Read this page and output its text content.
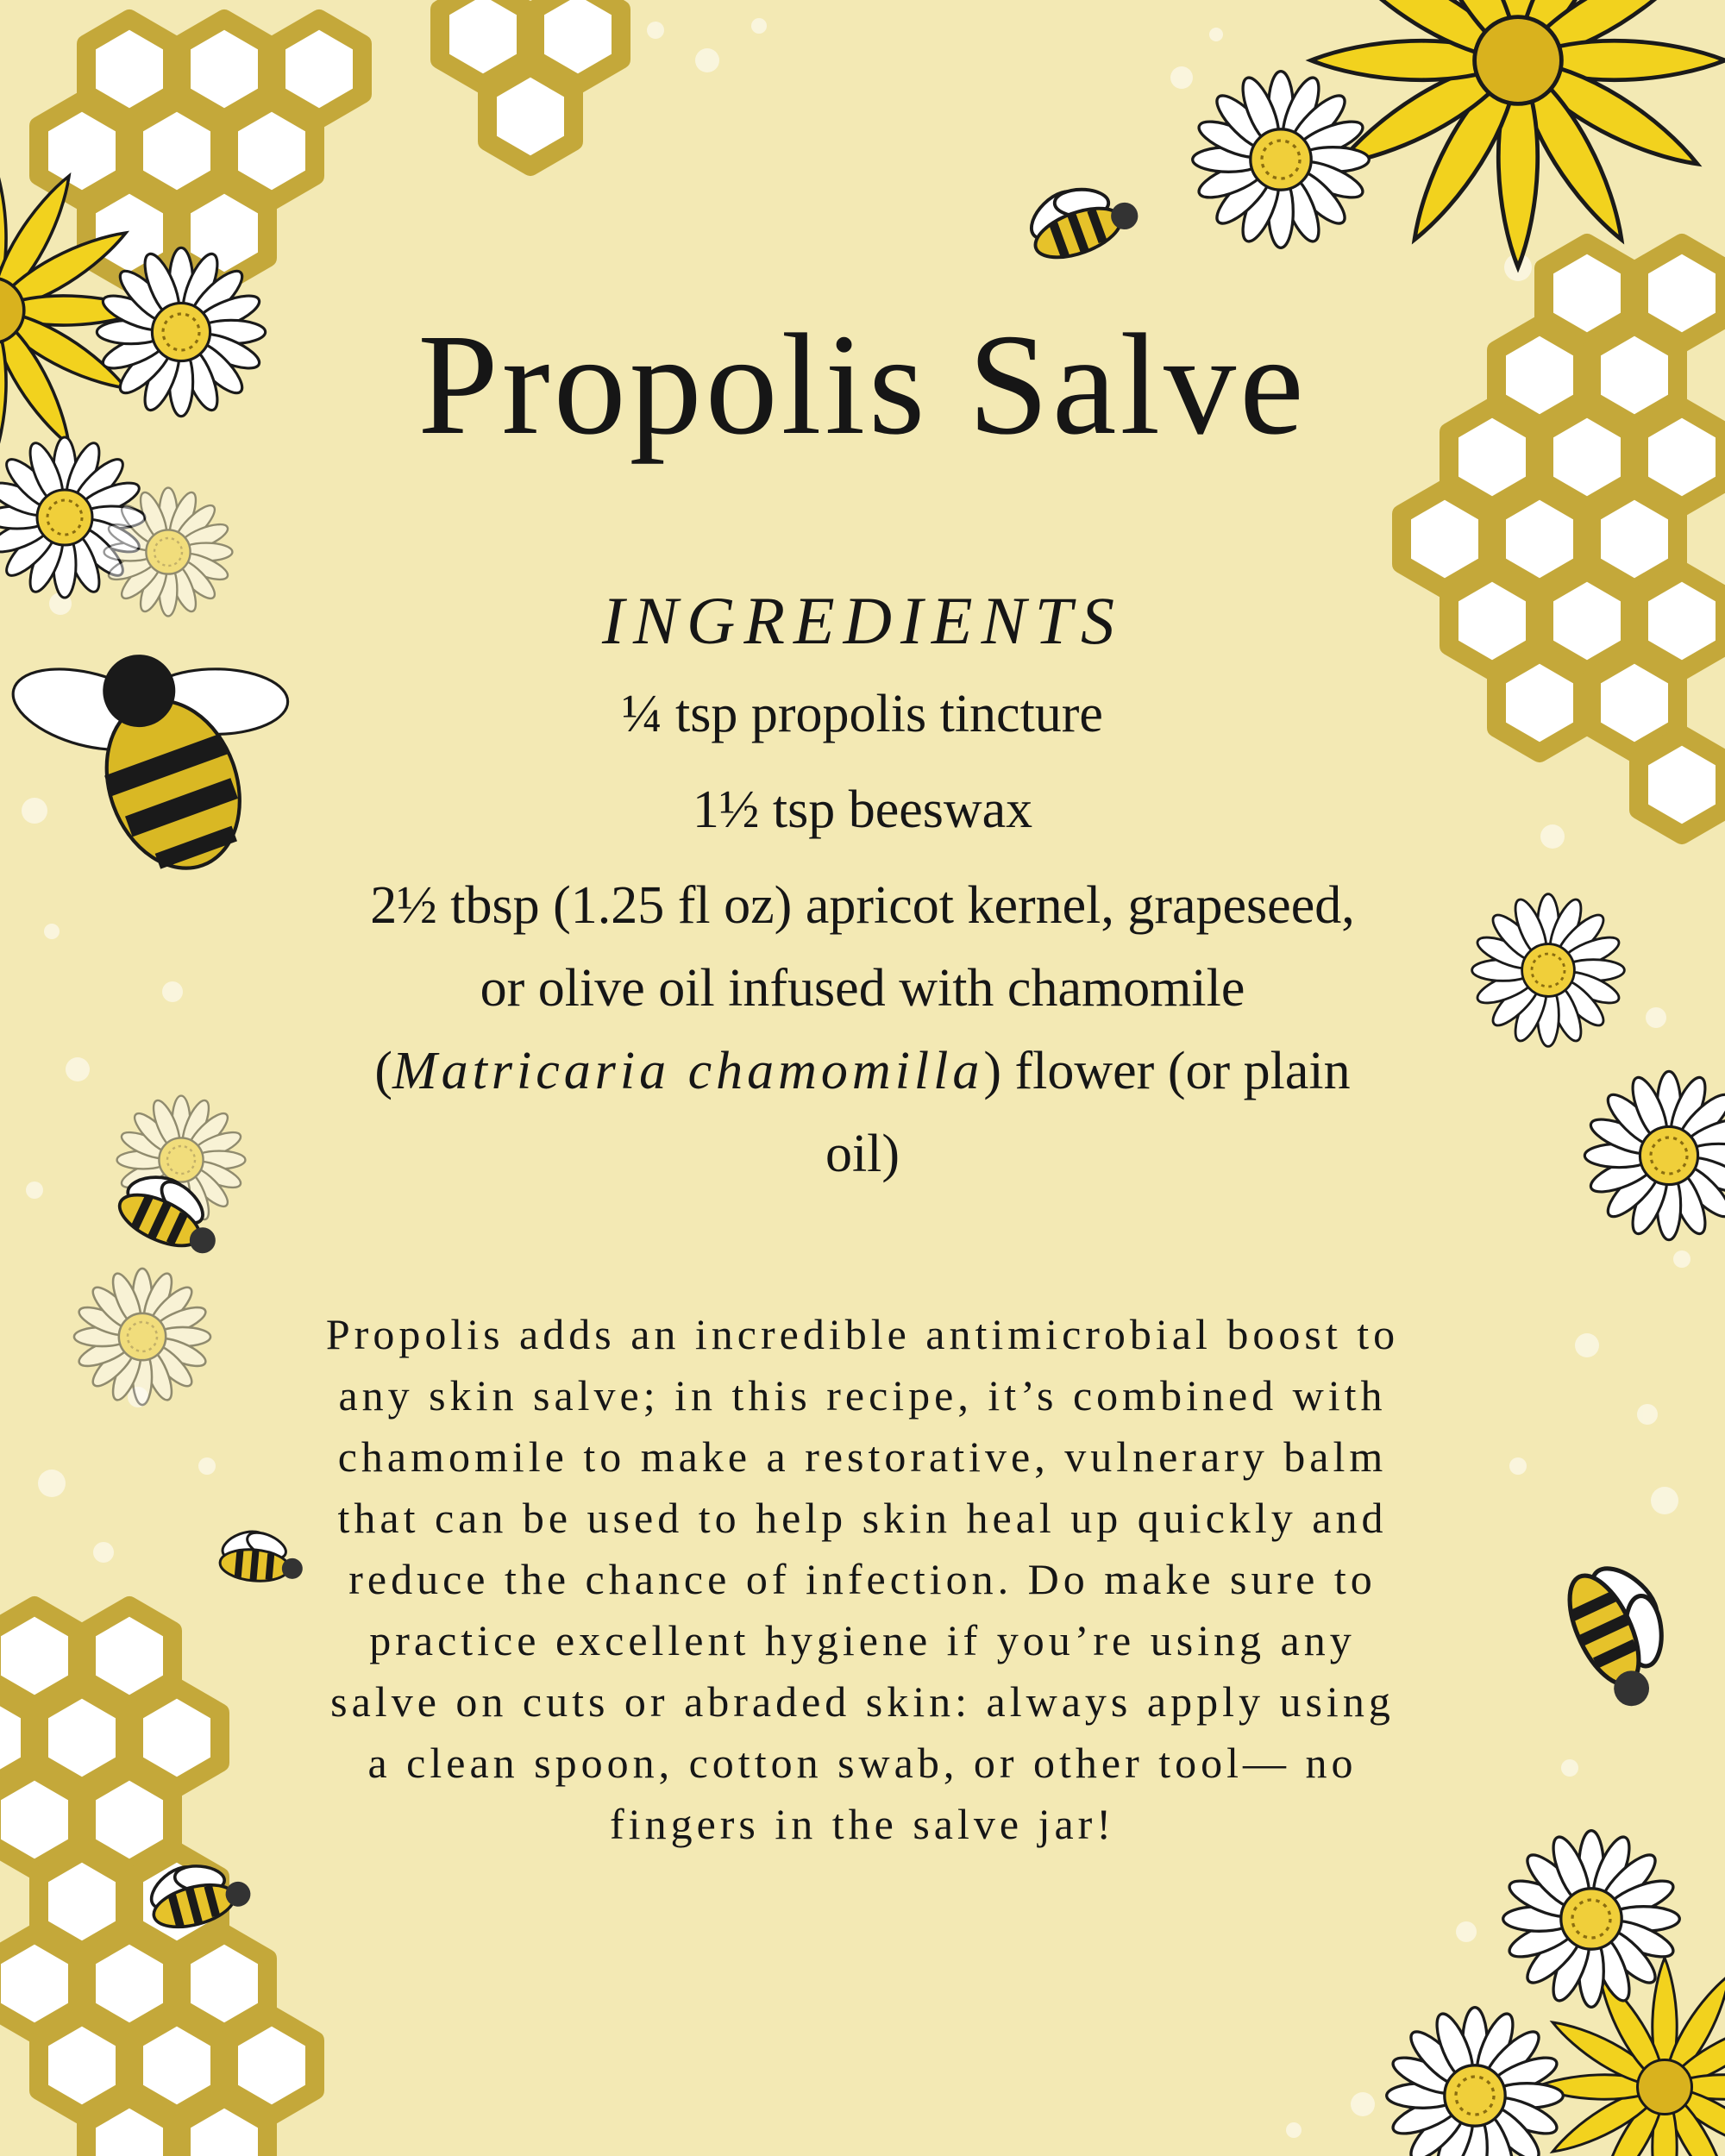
Propolis Salve
INGREDIENTS
¼ tsp propolis tincture
1½ tsp beeswax
2½ tbsp (1.25 fl oz) apricot kernel, grapeseed, or olive oil infused with chamomile (Matricaria chamomilla) flower (or plain oil)

Propolis adds an incredible antimicrobial boost to any skin salve; in this recipe, it’s combined with chamomile to make a restorative, vulnerary balm that can be used to help skin heal up quickly and reduce the chance of infection. Do make sure to practice excellent hygiene if you’re using any salve on cuts or abraded skin: always apply using a clean spoon, cotton swab, or other tool— no fingers in the salve jar!
